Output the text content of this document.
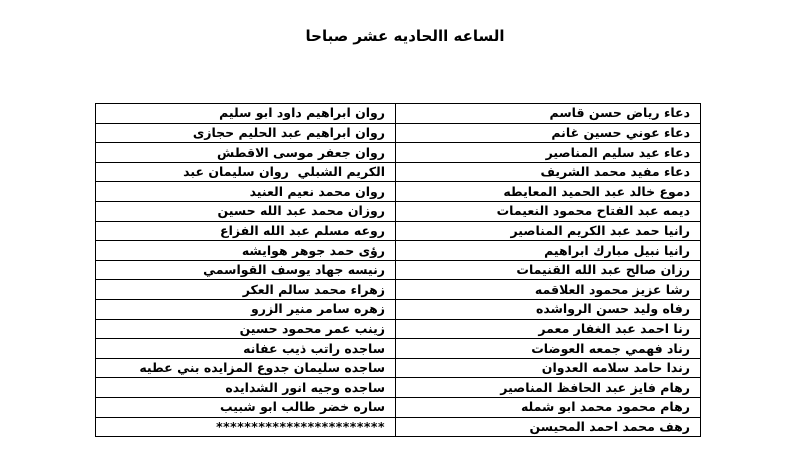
الساعه االحاديه عشر صباحا
دعاء رياض حسن قاسم	روان ابراهيم داود ابو سليم
دعاء عوني حسين غانم	روان ابراهيم عبد الحليم حجازى
دعاء عيد سليم المناصير	روان جعفر موسى الاقطش
دعاء مفيد محمد الشريف	الكريم الشبلي  روان سليمان عبد
دموع خالد عبد الحميد المعايطه	روان محمد نعيم العنيد
ديمه عبد الفتاح محمود النعيمات	روزان محمد عبد الله حسين
رانيا حمد عبد الكريم المناصير	روعه مسلم عبد الله الفزاع
رانيا نبيل مبارك ابراهيم	رؤى حمد جوهر هوايشه
رزان صالح عبد الله القنيمات	رنيسه جهاد يوسف القواسمي
رشا عزيز محمود العلاقمه	زهراء محمد سالم العكر
رفاه وليد حسن الرواشده	زهره سامر منير الزرو
رنا احمد عبد الغفار معمر	زينب عمر محمود حسين
رناد فهمي جمعه العوضات	ساجده راتب ذيب عفانه
رندا حامد سلامه العدوان	ساجده سليمان جدوع المزايده بني عطيه
رهام فايز عبد الحافظ المناصير	ساجده وجيه انور الشدايده
رهام محمود محمد ابو شمله	ساره خضر طالب ابو شبيب
رهف محمد احمد المحيسن	************************
